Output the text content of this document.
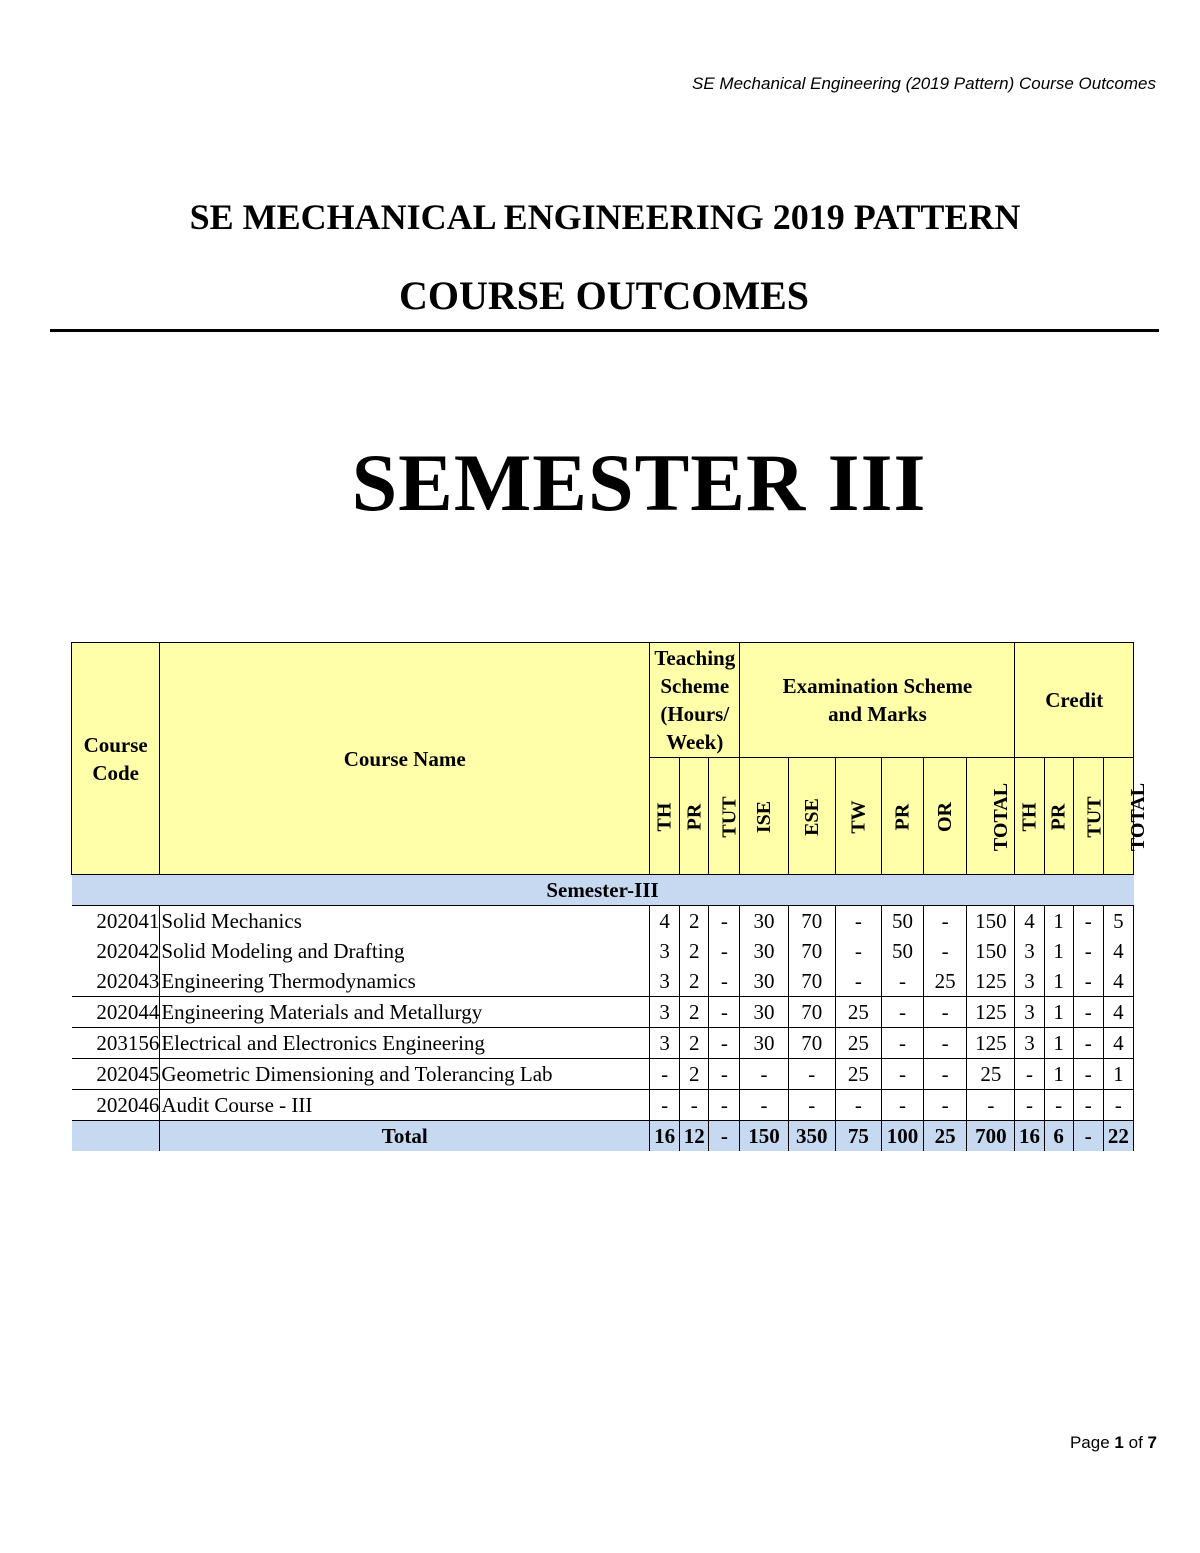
SE Mechanical Engineering (2019 Pattern) Course Outcomes
SE MECHANICAL ENGINEERING 2019 PATTERN
COURSE OUTCOMES
SEMESTER III
Course Code	Course Name	Teaching Scheme (Hours/ Week)			Examination Scheme and Marks						Credit			
		TH	PR	TUT	ISE	ESE	TW	PR	OR	TOTAL	TH	PR	TUT	TOTAL
Semester-III														
202041	Solid Mechanics	4	2	-	30	70	-	50	-	150	4	1	-	5
202042	Solid Modeling and Drafting	3	2	-	30	70	-	50	-	150	3	1	-	4
202043	Engineering Thermodynamics	3	2	-	30	70	-	-	25	125	3	1	-	4
202044	Engineering Materials and Metallurgy	3	2	-	30	70	25	-	-	125	3	1	-	4
203156	Electrical and Electronics Engineering	3	2	-	30	70	25	-	-	125	3	1	-	4
202045	Geometric Dimensioning and Tolerancing Lab	-	2	-	-	-	25	-	-	25	-	1	-	1
202046	Audit Course - III	-	-	-	-	-	-	-	-	-	-	-	-	-
	Total	16	12	-	150	350	75	100	25	700	16	6	-	22
Page 1 of 7
